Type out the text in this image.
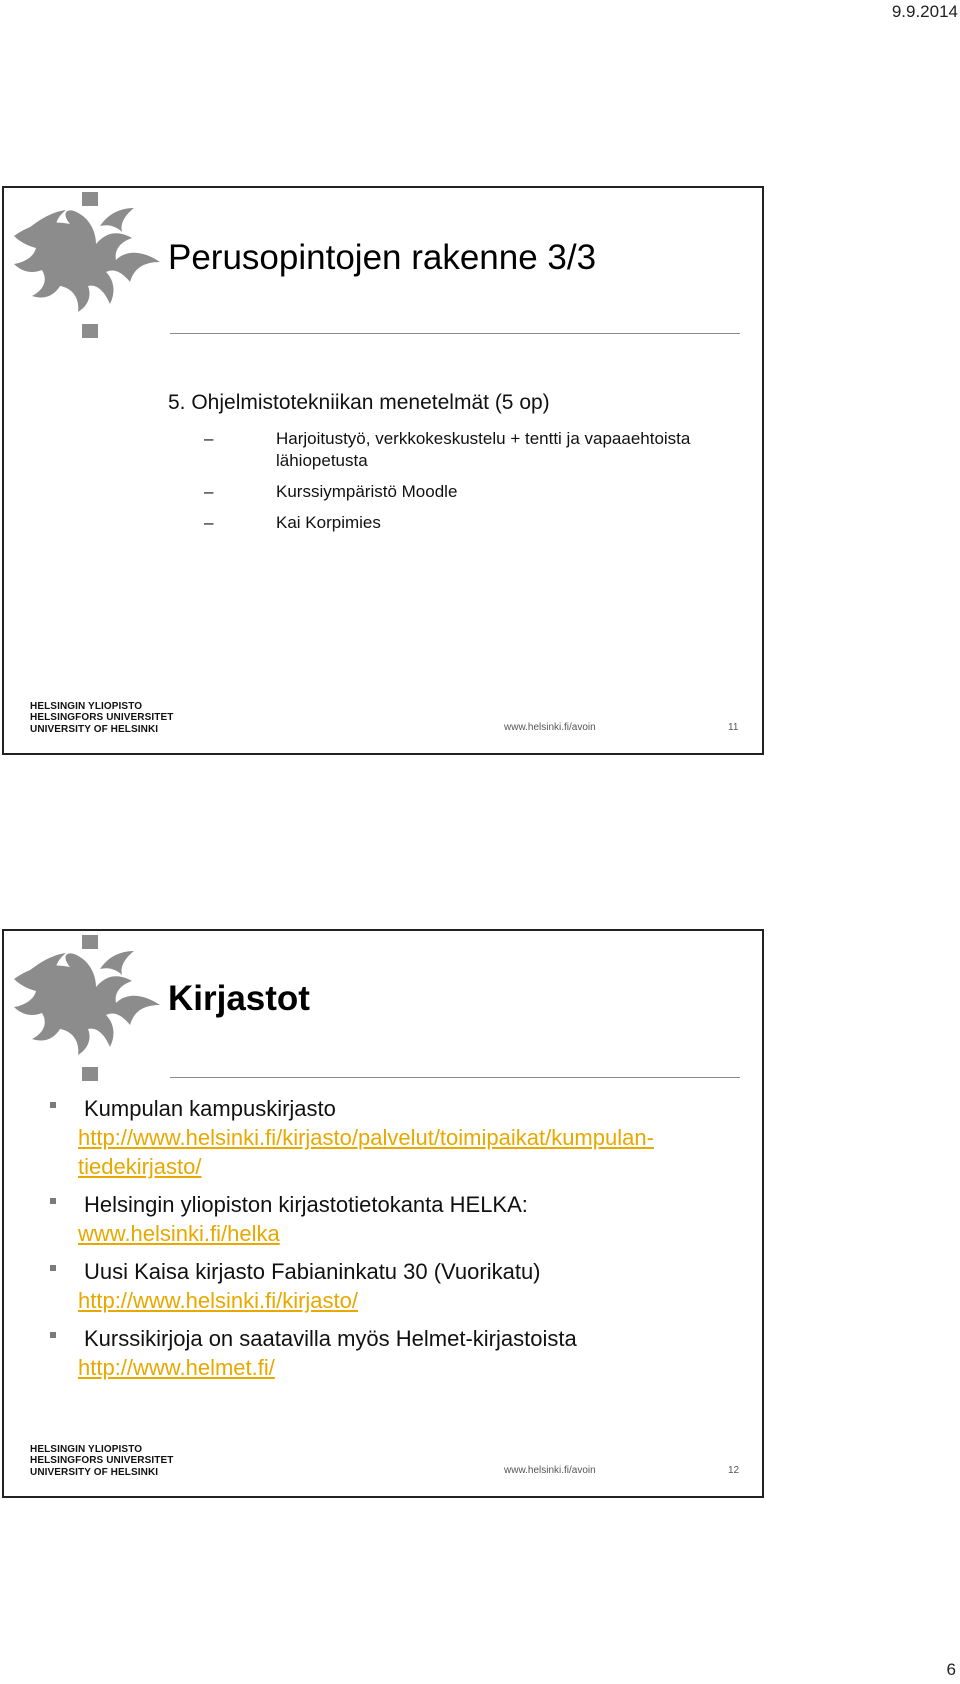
9.9.2014
Perusopintojen rakenne 3/3
5. Ohjelmistotekniikan menetelmät (5 op)
–	Harjoitustyö, verkkokeskustelu + tentti ja vapaaehtoista lähiopetusta
–	Kurssiympäristö Moodle
–	Kai Korpimies
HELSINGIN YLIOPISTO
HELSINGFORS UNIVERSITET
UNIVERSITY OF HELSINKI	www.helsinki.fi/avoin	11
Kirjastot
Kumpulan kampuskirjasto
http://www.helsinki.fi/kirjasto/palvelut/toimipaikat/kumpulan-tiedekirjasto/
Helsingin yliopiston kirjastotietokanta HELKA:
www.helsinki.fi/helka
Uusi Kaisa kirjasto Fabianinkatu 30 (Vuorikatu)
http://www.helsinki.fi/kirjasto/
Kurssikirjoja on saatavilla myös Helmet-kirjastoista
http://www.helmet.fi/
HELSINGIN YLIOPISTO
HELSINGFORS UNIVERSITET
UNIVERSITY OF HELSINKI	www.helsinki.fi/avoin	12
6
